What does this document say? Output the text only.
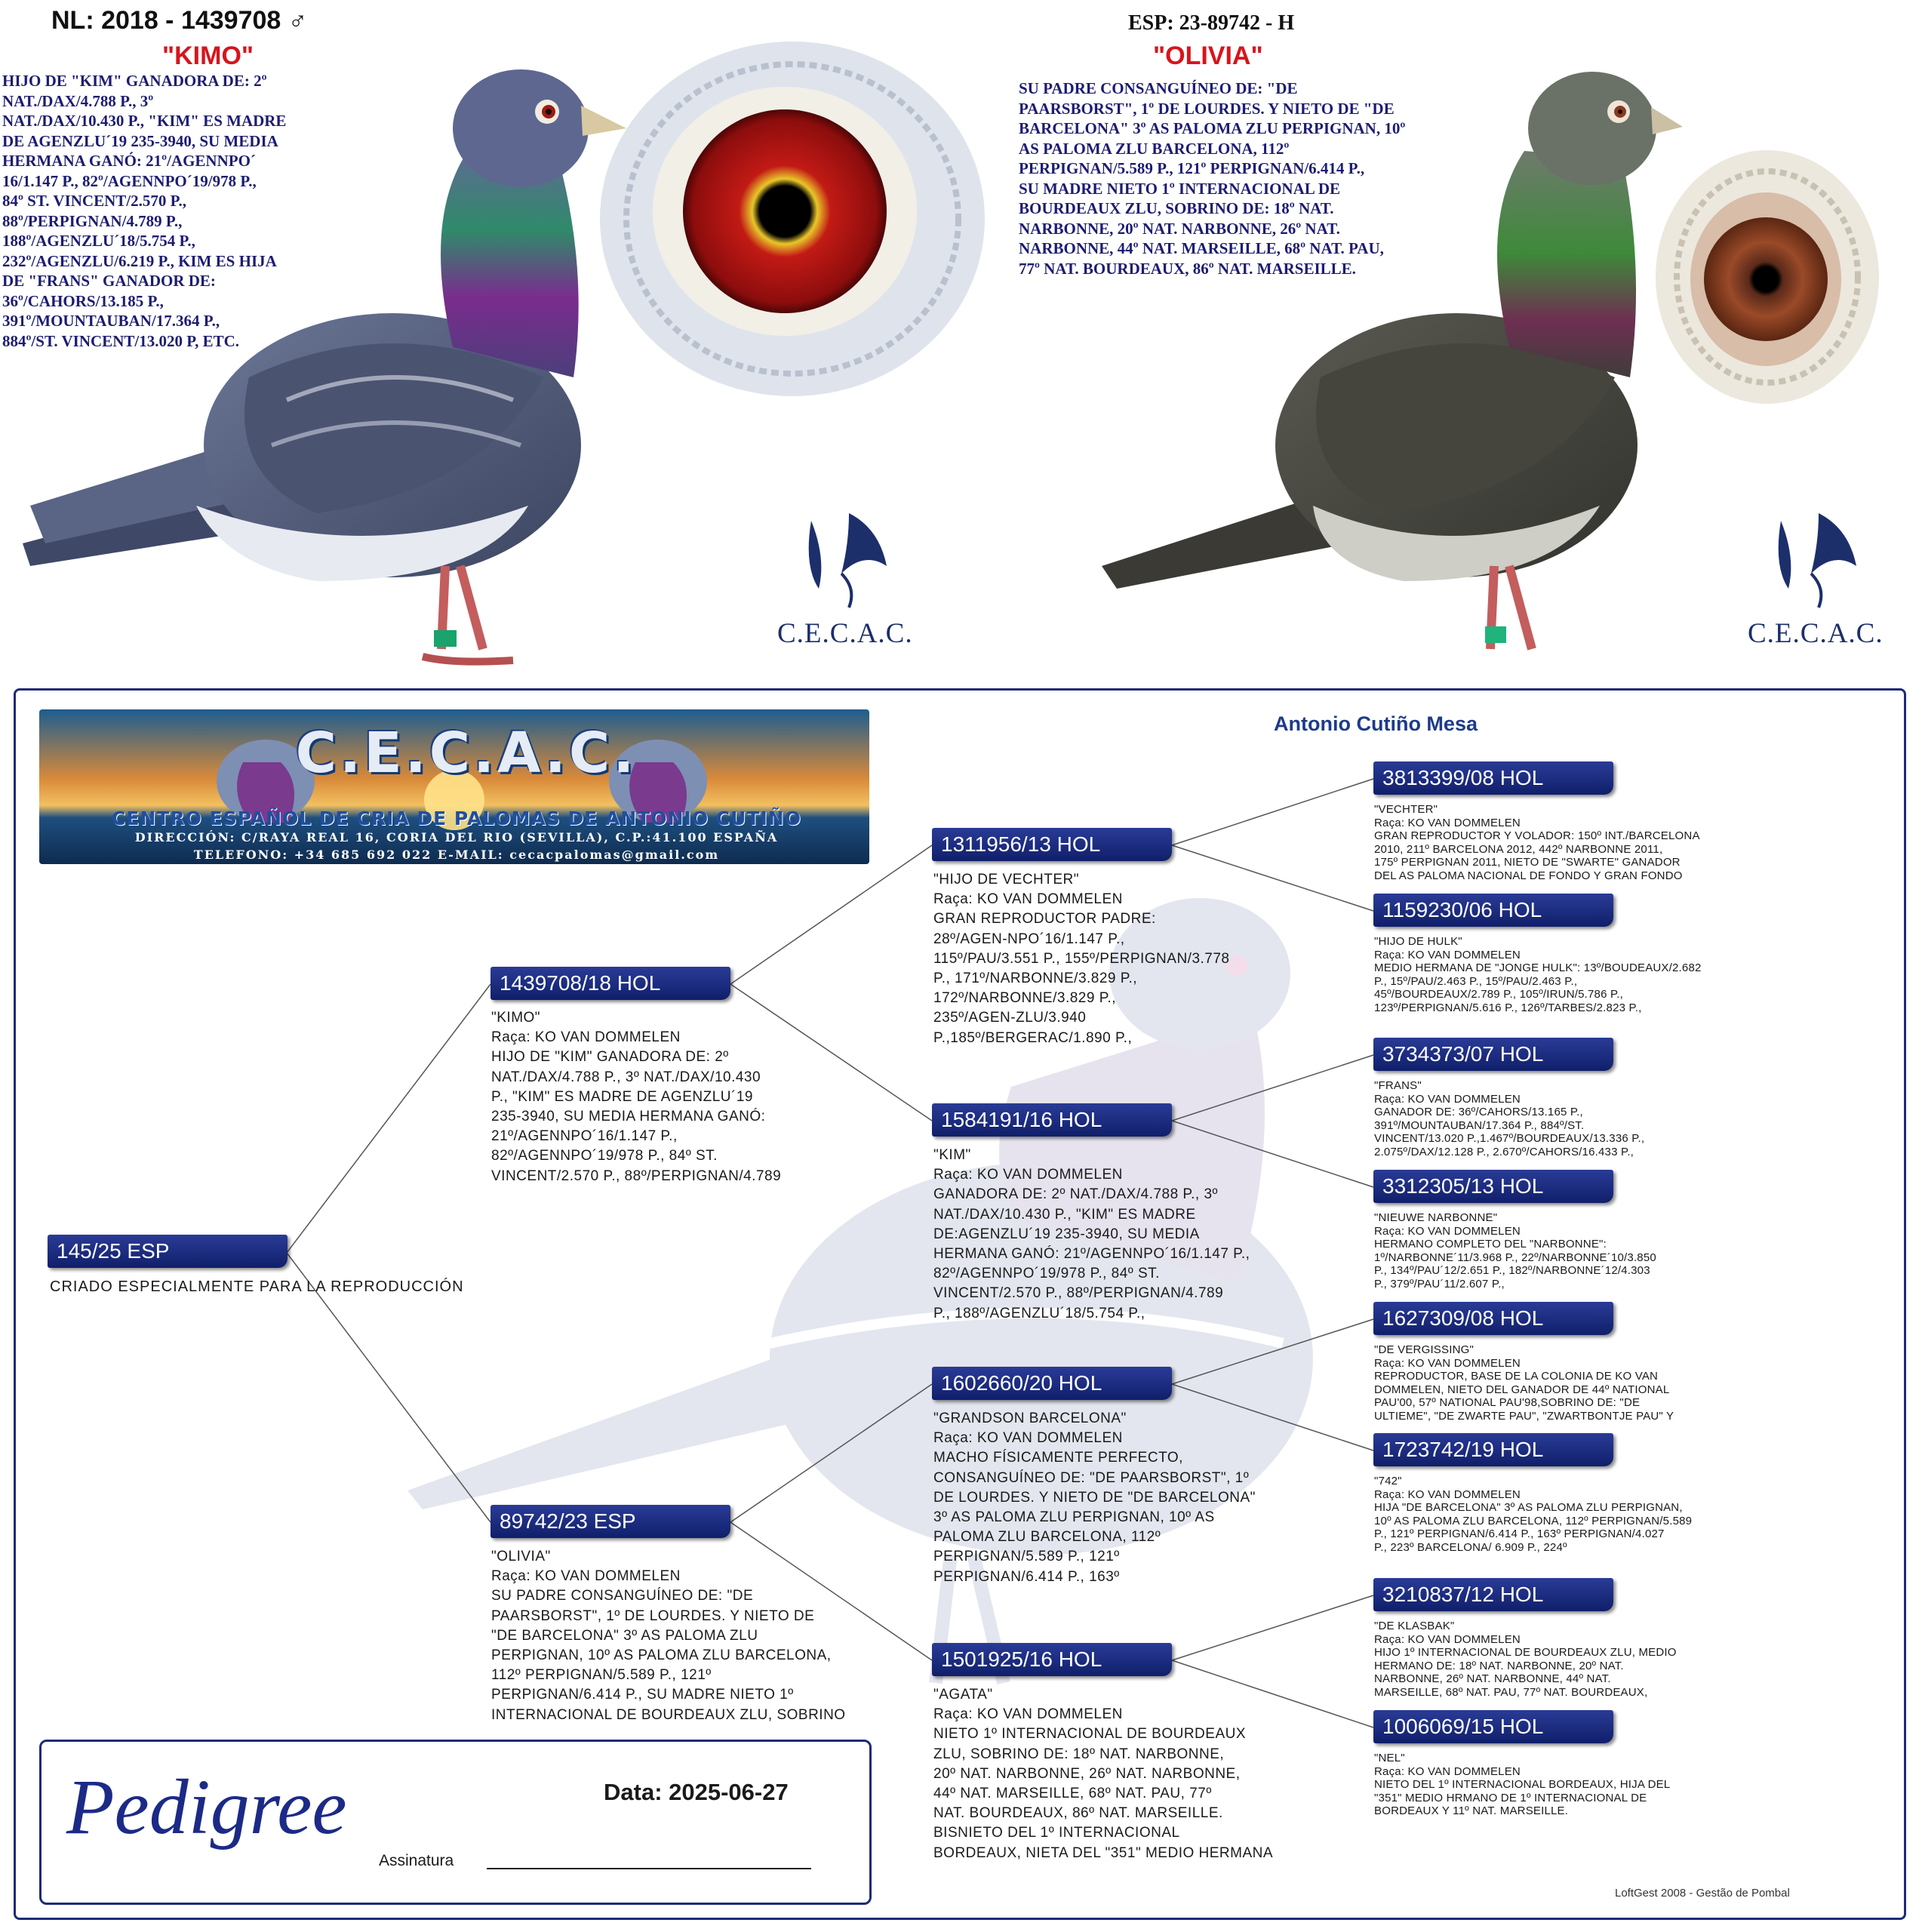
C.E.C.A.C.	C.E.C.A.C.
NL: 2018 - 1439708 ♂
"KIMO"
HIJO DE "KIM" GANADORA DE: 2º
NAT./DAX/4.788 P., 3º
NAT./DAX/10.430 P., "KIM" ES MADRE
DE AGENZLU´19 235-3940, SU MEDIA
HERMANA GANÓ: 21º/AGENNPO´
16/1.147 P., 82º/AGENNPO´19/978 P.,
84º ST. VINCENT/2.570 P.,
88º/PERPIGNAN/4.789 P.,
188º/AGENZLU´18/5.754 P.,
232º/AGENZLU/6.219 P., KIM ES HIJA
DE "FRANS" GANADOR DE:
36º/CAHORS/13.185 P.,
391º/MOUNTAUBAN/17.364 P.,
884º/ST. VINCENT/13.020 P, ETC.
ESP: 23-89742 - H
"OLIVIA"
SU PADRE CONSANGUÍNEO DE: "DE
PAARSBORST", 1º DE LOURDES. Y NIETO DE "DE
BARCELONA" 3º AS PALOMA ZLU PERPIGNAN, 10º
AS PALOMA ZLU BARCELONA, 112º
PERPIGNAN/5.589 P., 121º PERPIGNAN/6.414 P.,
SU MADRE NIETO 1º INTERNACIONAL DE
BOURDEAUX ZLU, SOBRINO DE: 18º NAT.
NARBONNE, 20º NAT. NARBONNE, 26º NAT.
NARBONNE, 44º NAT. MARSEILLE, 68º NAT. PAU,
77º NAT. BOURDEAUX, 86º NAT. MARSEILLE.
C.E.C.A.C.
CENTRO ESPAÑOL DE CRIA DE PALOMAS DE ANTONIO CUTIÑO
DIRECCIÓN: C/RAYA REAL 16, CORIA DEL RIO (SEVILLA), C.P.:41.100 ESPAÑA
TELEFONO: +34 685 692 022 E-MAIL: cecacpalomas@gmail.com
Antonio Cutiño Mesa
145/25 ESP
CRIADO ESPECIALMENTE PARA LA REPRODUCCIÓN
1439708/18 HOL
"KIMO"
Raça: KO VAN DOMMELEN
HIJO DE "KIM" GANADORA DE: 2º
NAT./DAX/4.788 P., 3º NAT./DAX/10.430
P., "KIM" ES MADRE DE AGENZLU´19
235-3940, SU MEDIA HERMANA GANÓ:
21º/AGENNPO´16/1.147 P.,
82º/AGENNPO´19/978 P., 84º ST.
VINCENT/2.570 P., 88º/PERPIGNAN/4.789
89742/23 ESP
"OLIVIA"
Raça: KO VAN DOMMELEN
SU PADRE CONSANGUÍNEO DE: "DE
PAARSBORST", 1º DE LOURDES. Y NIETO DE
"DE BARCELONA" 3º AS PALOMA ZLU
PERPIGNAN, 10º AS PALOMA ZLU BARCELONA,
112º PERPIGNAN/5.589 P., 121º
PERPIGNAN/6.414 P., SU MADRE NIETO 1º
INTERNACIONAL DE BOURDEAUX ZLU, SOBRINO
1311956/13 HOL
"HIJO DE VECHTER"
Raça: KO VAN DOMMELEN
GRAN REPRODUCTOR PADRE:
28º/AGEN-NPO´16/1.147 P.,
115º/PAU/3.551 P., 155º/PERPIGNAN/3.778
P., 171º/NARBONNE/3.829 P.,
172º/NARBONNE/3.829 P.,
235º/AGEN-ZLU/3.940
P.,185º/BERGERAC/1.890 P.,
1584191/16 HOL
"KIM"
Raça: KO VAN DOMMELEN
GANADORA DE: 2º NAT./DAX/4.788 P., 3º
NAT./DAX/10.430 P., "KIM" ES MADRE
DE:AGENZLU´19 235-3940, SU MEDIA
HERMANA GANÓ: 21º/AGENNPO´16/1.147 P.,
82º/AGENNPO´19/978 P., 84º ST.
VINCENT/2.570 P., 88º/PERPIGNAN/4.789
P., 188º/AGENZLU´18/5.754 P.,
1602660/20 HOL
"GRANDSON BARCELONA"
Raça: KO VAN DOMMELEN
MACHO FÍSICAMENTE PERFECTO,
CONSANGUÍNEO DE: "DE PAARSBORST", 1º
DE LOURDES. Y NIETO DE "DE BARCELONA"
3º AS PALOMA ZLU PERPIGNAN, 10º AS
PALOMA ZLU BARCELONA, 112º
PERPIGNAN/5.589 P., 121º
PERPIGNAN/6.414 P., 163º
1501925/16 HOL
"AGATA"
Raça: KO VAN DOMMELEN
NIETO 1º INTERNACIONAL DE BOURDEAUX
ZLU, SOBRINO DE: 18º NAT. NARBONNE,
20º NAT. NARBONNE, 26º NAT. NARBONNE,
44º NAT. MARSEILLE, 68º NAT. PAU, 77º
NAT. BOURDEAUX, 86º NAT. MARSEILLE.
BISNIETO DEL 1º INTERNACIONAL
BORDEAUX, NIETA DEL "351" MEDIO HERMANA
3813399/08 HOL
"VECHTER"
Raça: KO VAN DOMMELEN
GRAN REPRODUCTOR Y VOLADOR: 150º INT./BARCELONA
2010, 211º BARCELONA 2012, 442º NARBONNE 2011,
175º PERPIGNAN 2011, NIETO DE "SWARTE" GANADOR
DEL AS PALOMA NACIONAL DE FONDO Y GRAN FONDO
1159230/06 HOL
"HIJO DE HULK"
Raça: KO VAN DOMMELEN
MEDIO HERMANA DE "JONGE HULK": 13º/BOUDEAUX/2.682
P., 15º/PAU/2.463 P., 15º/PAU/2.463 P.,
45º/BOURDEAUX/2.789 P., 105º/IRUN/5.786 P.,
123º/PERPIGNAN/5.616 P., 126º/TARBES/2.823 P.,
3734373/07 HOL
"FRANS"
Raça: KO VAN DOMMELEN
GANADOR DE: 36º/CAHORS/13.165 P.,
391º/MOUNTAUBAN/17.364 P., 884º/ST.
VINCENT/13.020 P.,1.467º/BOURDEAUX/13.336 P.,
2.075º/DAX/12.128 P., 2.670º/CAHORS/16.433 P.,
3312305/13 HOL
"NIEUWE NARBONNE"
Raça: KO VAN DOMMELEN
HERMANO COMPLETO DEL "NARBONNE":
1º/NARBONNE´11/3.968 P., 22º/NARBONNE´10/3.850
P., 134º/PAU´12/2.651 P., 182º/NARBONNE´12/4.303
P., 379º/PAU´11/2.607 P.,
1627309/08 HOL
"DE VERGISSING"
Raça: KO VAN DOMMELEN
REPRODUCTOR, BASE DE LA COLONIA DE KO VAN
DOMMELEN, NIETO DEL GANADOR DE 44º NATIONAL
PAU'00, 57º NATIONAL PAU'98,SOBRINO DE: "DE
ULTIEME", "DE ZWARTE PAU", "ZWARTBONTJE PAU" Y
1723742/19 HOL
"742"
Raça: KO VAN DOMMELEN
HIJA "DE BARCELONA" 3º AS PALOMA ZLU PERPIGNAN,
10º AS PALOMA ZLU BARCELONA, 112º PERPIGNAN/5.589
P., 121º PERPIGNAN/6.414 P., 163º PERPIGNAN/4.027
P., 223º BARCELONA/ 6.909 P., 224º
3210837/12 HOL
"DE KLASBAK"
Raça: KO VAN DOMMELEN
HIJO 1º INTERNACIONAL DE BOURDEAUX ZLU, MEDIO
HERMANO DE: 18º NAT. NARBONNE, 20º NAT.
NARBONNE, 26º NAT. NARBONNE, 44º NAT.
MARSEILLE, 68º NAT. PAU, 77º NAT. BOURDEAUX,
1006069/15 HOL
"NEL"
Raça: KO VAN DOMMELEN
NIETO DEL 1º INTERNACIONAL BORDEAUX, HIJA DEL
"351" MEDIO HRMANO DE 1º INTERNACIONAL DE
BORDEAUX Y 11º NAT. MARSEILLE.
Pedigree	Data: 2025-06-27
Assinatura
LoftGest 2008 - Gestão de Pombal
